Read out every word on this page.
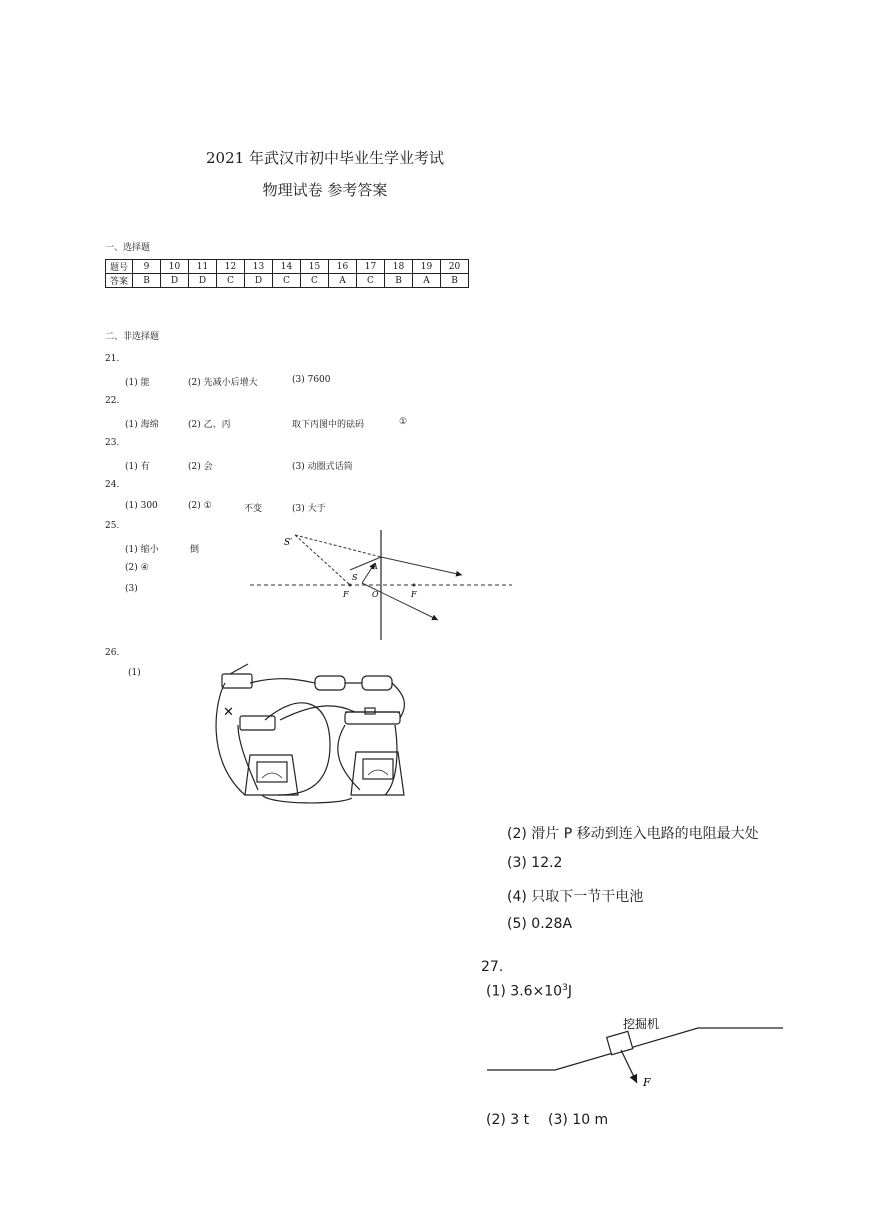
2021 年武汉市初中毕业生学业考试
物理试卷 参考答案
一、选择题
题号	9	10	11	12	13	14	15	16	17	18	19	20
答案	B	D	D	C	D	C	C	A	C	B	A	B
二、非选择题
21.
(1) 能	(2) 先减小后增大	(3) 7600
22.
(1) 海绵	(2) 乙、丙	取下丙图中的砝码	①
23.
(1) 有	(2) 会	(3) 动圈式话筒
24.
(1) 300	(2) ①	不变	(3) 大于
25.
(1) 缩小	倒
(2) ④
(3)
S′
S
A
F	O	F
26.
(1)
✕
(2) 滑片 P 移动到连入电路的电阻最大处
(3) 12.2
(4) 只取下一节干电池
(5) 0.28A
27.
(1) $3.6\times 10^3J$
挖掘机
F
(2) 3 t (3) 10 m
